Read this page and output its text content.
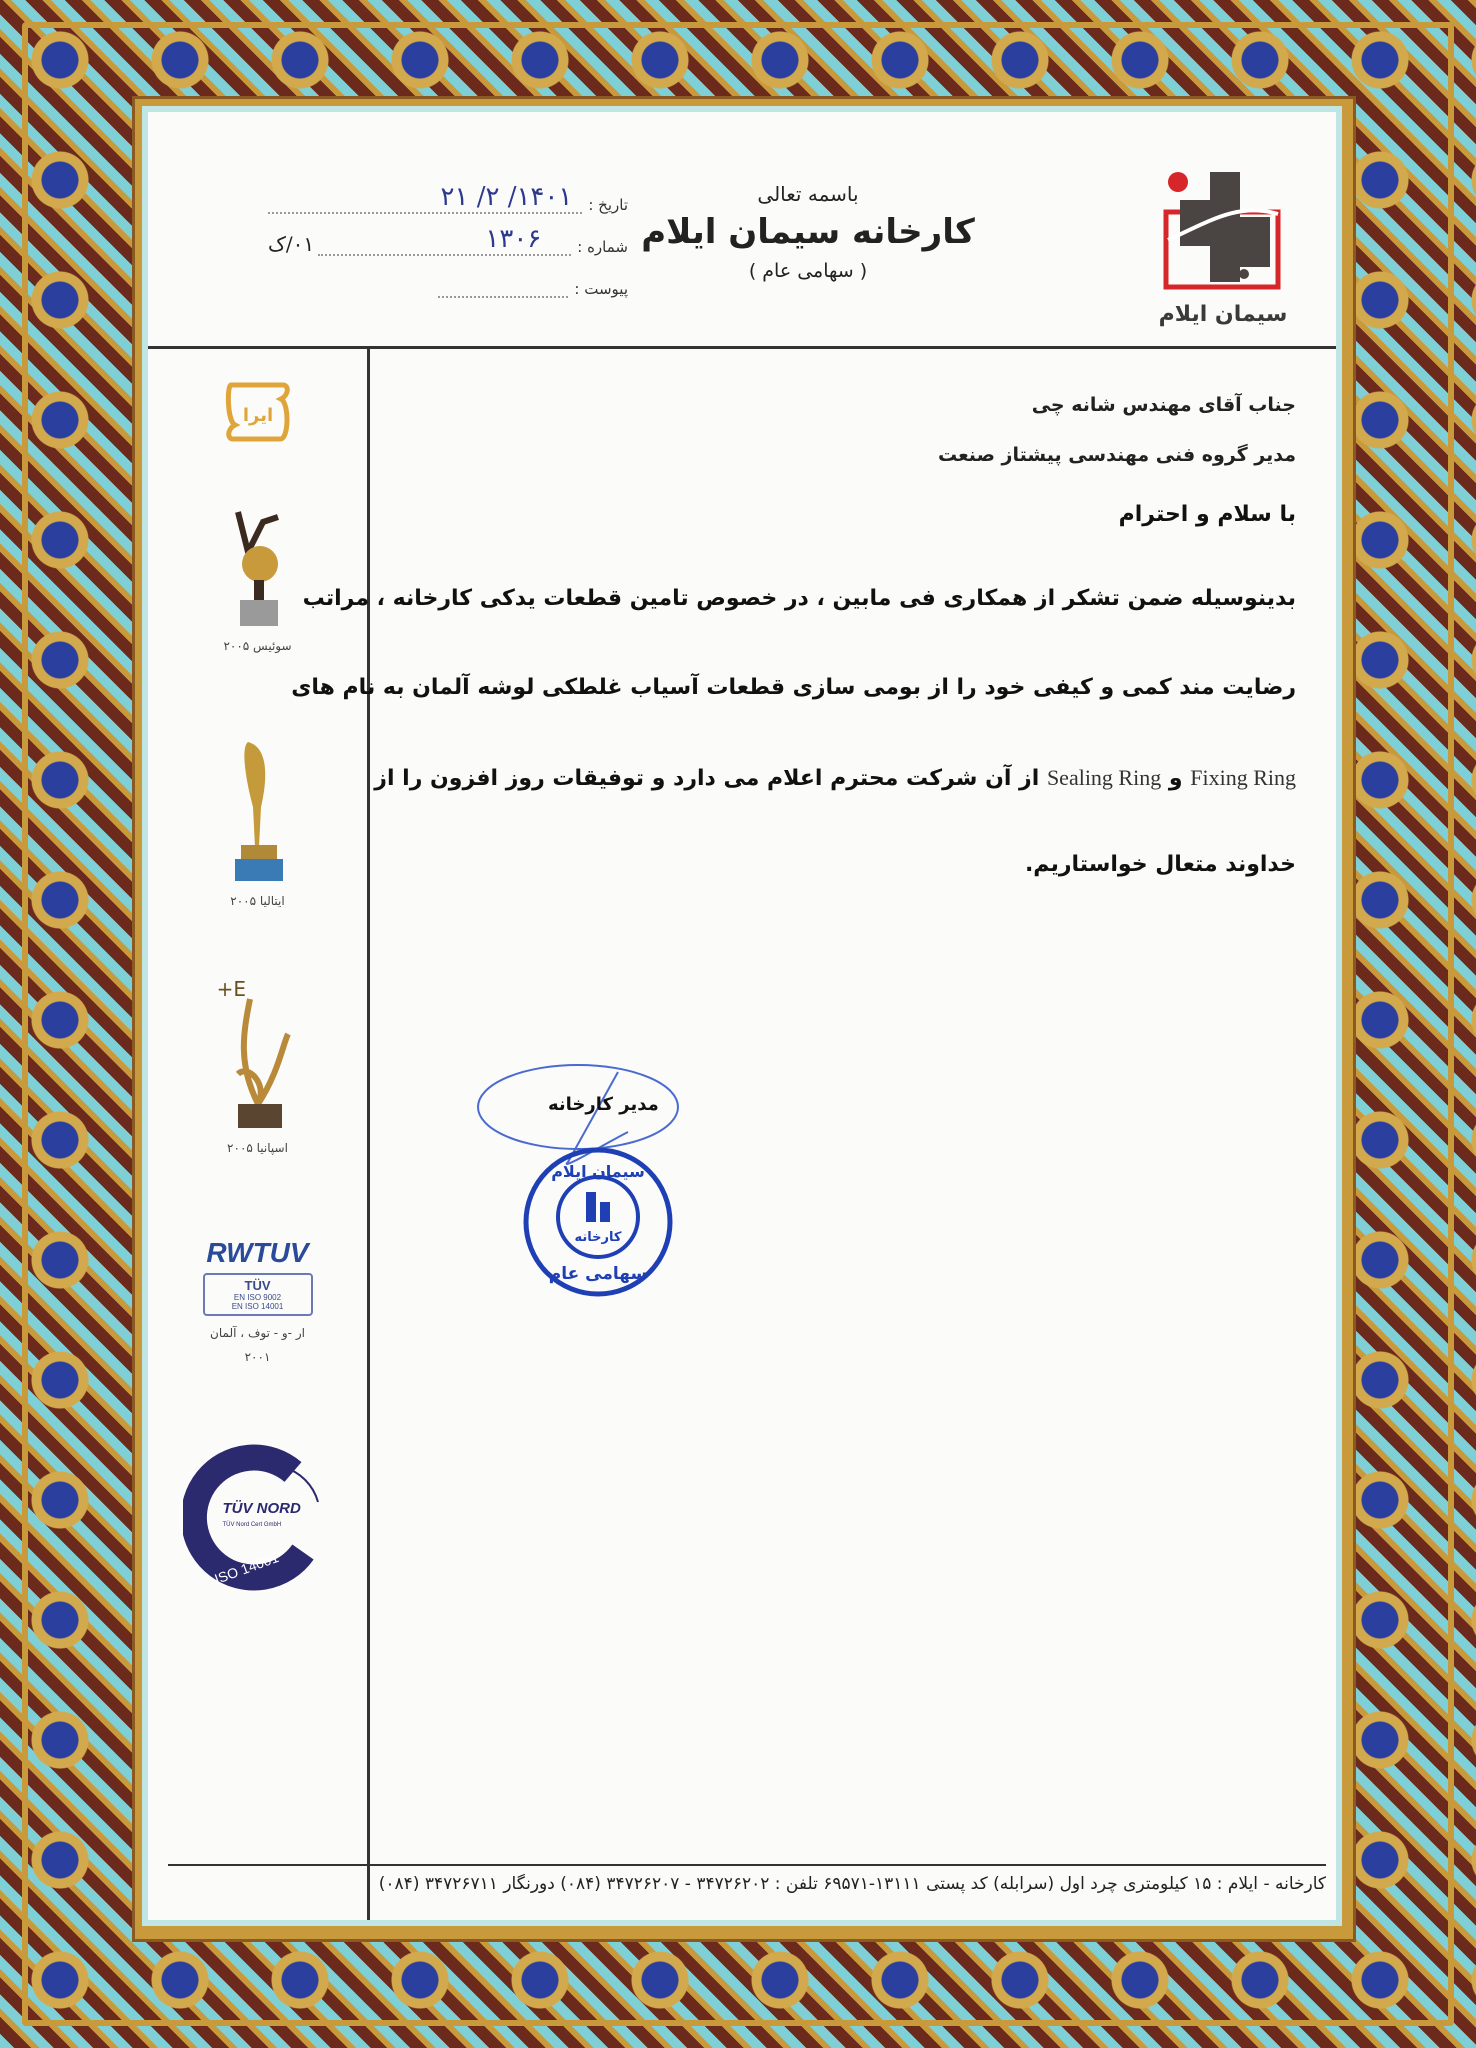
تاریخ :
۱۴۰۱/ ۲/ ۲۱
شماره :
۱۳۰۶
۰۱/ک
پیوست :
باسمه تعالی
کارخانه سیمان ایلام
( سهامی عام )
سیمان ایلام
ایرا
سوئیس ۲۰۰۵
ایتالیا ۲۰۰۵
E+
اسپانیا ۲۰۰۵
RWTUV
TÜV
EN ISO 9002
EN ISO 14001
ار -و - توف ، آلمان
۲۰۰۱
TÜV NORD
TÜV Nord Cert GmbH
ISO 14001
جناب آقای مهندس شانه چی
مدیر گروه فنی مهندسی پیشتاز صنعت
با سلام و احترام
بدینوسیله ضمن تشکر از همکاری فی مابین ، در خصوص تامین قطعات یدکی کارخانه ، مراتب
رضایت مند کمی و کیفی خود را از بومی سازی قطعات آسیاب غلطکی لوشه آلمان به نام های
Fixing Ring و Sealing Ring از آن شرکت محترم اعلام می دارد و توفیقات روز افزون را از
خداوند متعال خواستاریم.
مدیر کارخانه
سیمان ایلام
کارخانه
سهامی عام
کارخانه - ایلام : ۱۵ کیلومتری چرد اول (سرابله) کد پستی ۱۳۱۱۱-۶۹۵۷۱ تلفن : ۳۴۷۲۶۲۰۲ - ۳۴۷۲۶۲۰۷ (۰۸۴) دورنگار ۳۴۷۲۶۷۱۱ (۰۸۴)
